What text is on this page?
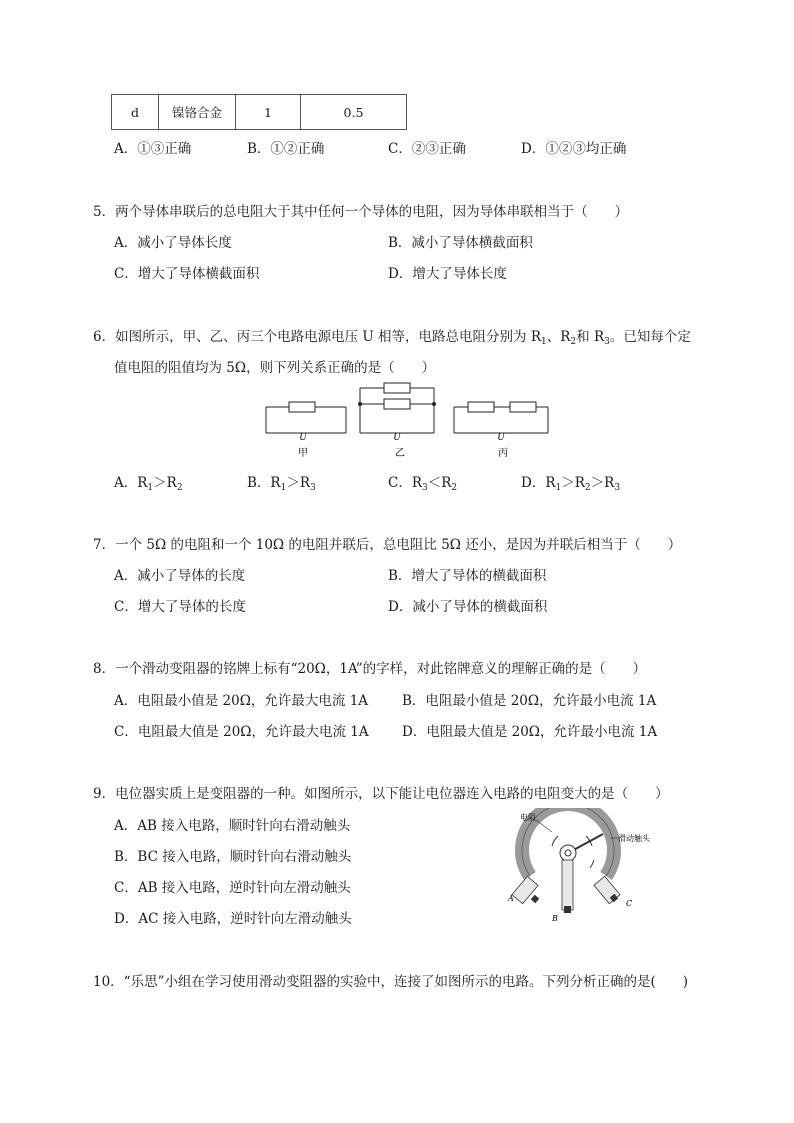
d	镍铬合金	1	0.5
A．①③正确	B．①②正确	C．②③正确	D．①②③均正确
5．两个导体串联后的总电阻大于其中任何一个导体的电阻，因为导体串联相当于（　　）
A．减小了导体长度	B．减小了导体横截面积
C．增大了导体横截面积	D．增大了导体长度
6．如图所示，甲、乙、丙三个电路电源电压 U 相等，电路总电阻分别为 $R_1$、$R_2$和 $R_3$。已知每个定
值电阻的阻值均为 5Ω，则下列关系正确的是（　　）
U	U	U
甲	乙	丙
A．$R_1>R_2$	B．$R_1>R_3$	C．$R_3<R_2$	D．$R_1>R_2>R_3$
7．一个 5Ω 的电阻和一个 10Ω 的电阻并联后，总电阻比 5Ω 还小，是因为并联后相当于（　　）
A．减小了导体的长度	B．增大了导体的横截面积
C．增大了导体的长度	D．减小了导体的横截面积
8．一个滑动变阻器的铭牌上标有“20Ω，1A”的字样，对此铭牌意义的理解正确的是（　　）
A．电阻最小值是 20Ω，允许最大电流 1A	B．电阻最小值是 20Ω，允许最小电流 1A
C．电阻最大值是 20Ω，允许最大电流 1A D．电阻最大值是 20Ω，允许最小电流 1A
9．电位器实质上是变阻器的一种。如图所示，以下能让电位器连入电路的电阻变大的是（　　）
A．AB 接入电路，顺时针向右滑动触头
B．BC 接入电路，顺时针向右滑动触头
C．AB 接入电路，逆时针向左滑动触头
D．AC 接入电路，逆时针向左滑动触头
电阻
滑动触头
A
B
C
10．“乐思”小组在学习使用滑动变阻器的实验中，连接了如图所示的电路。下列分析正确的是(　　)
